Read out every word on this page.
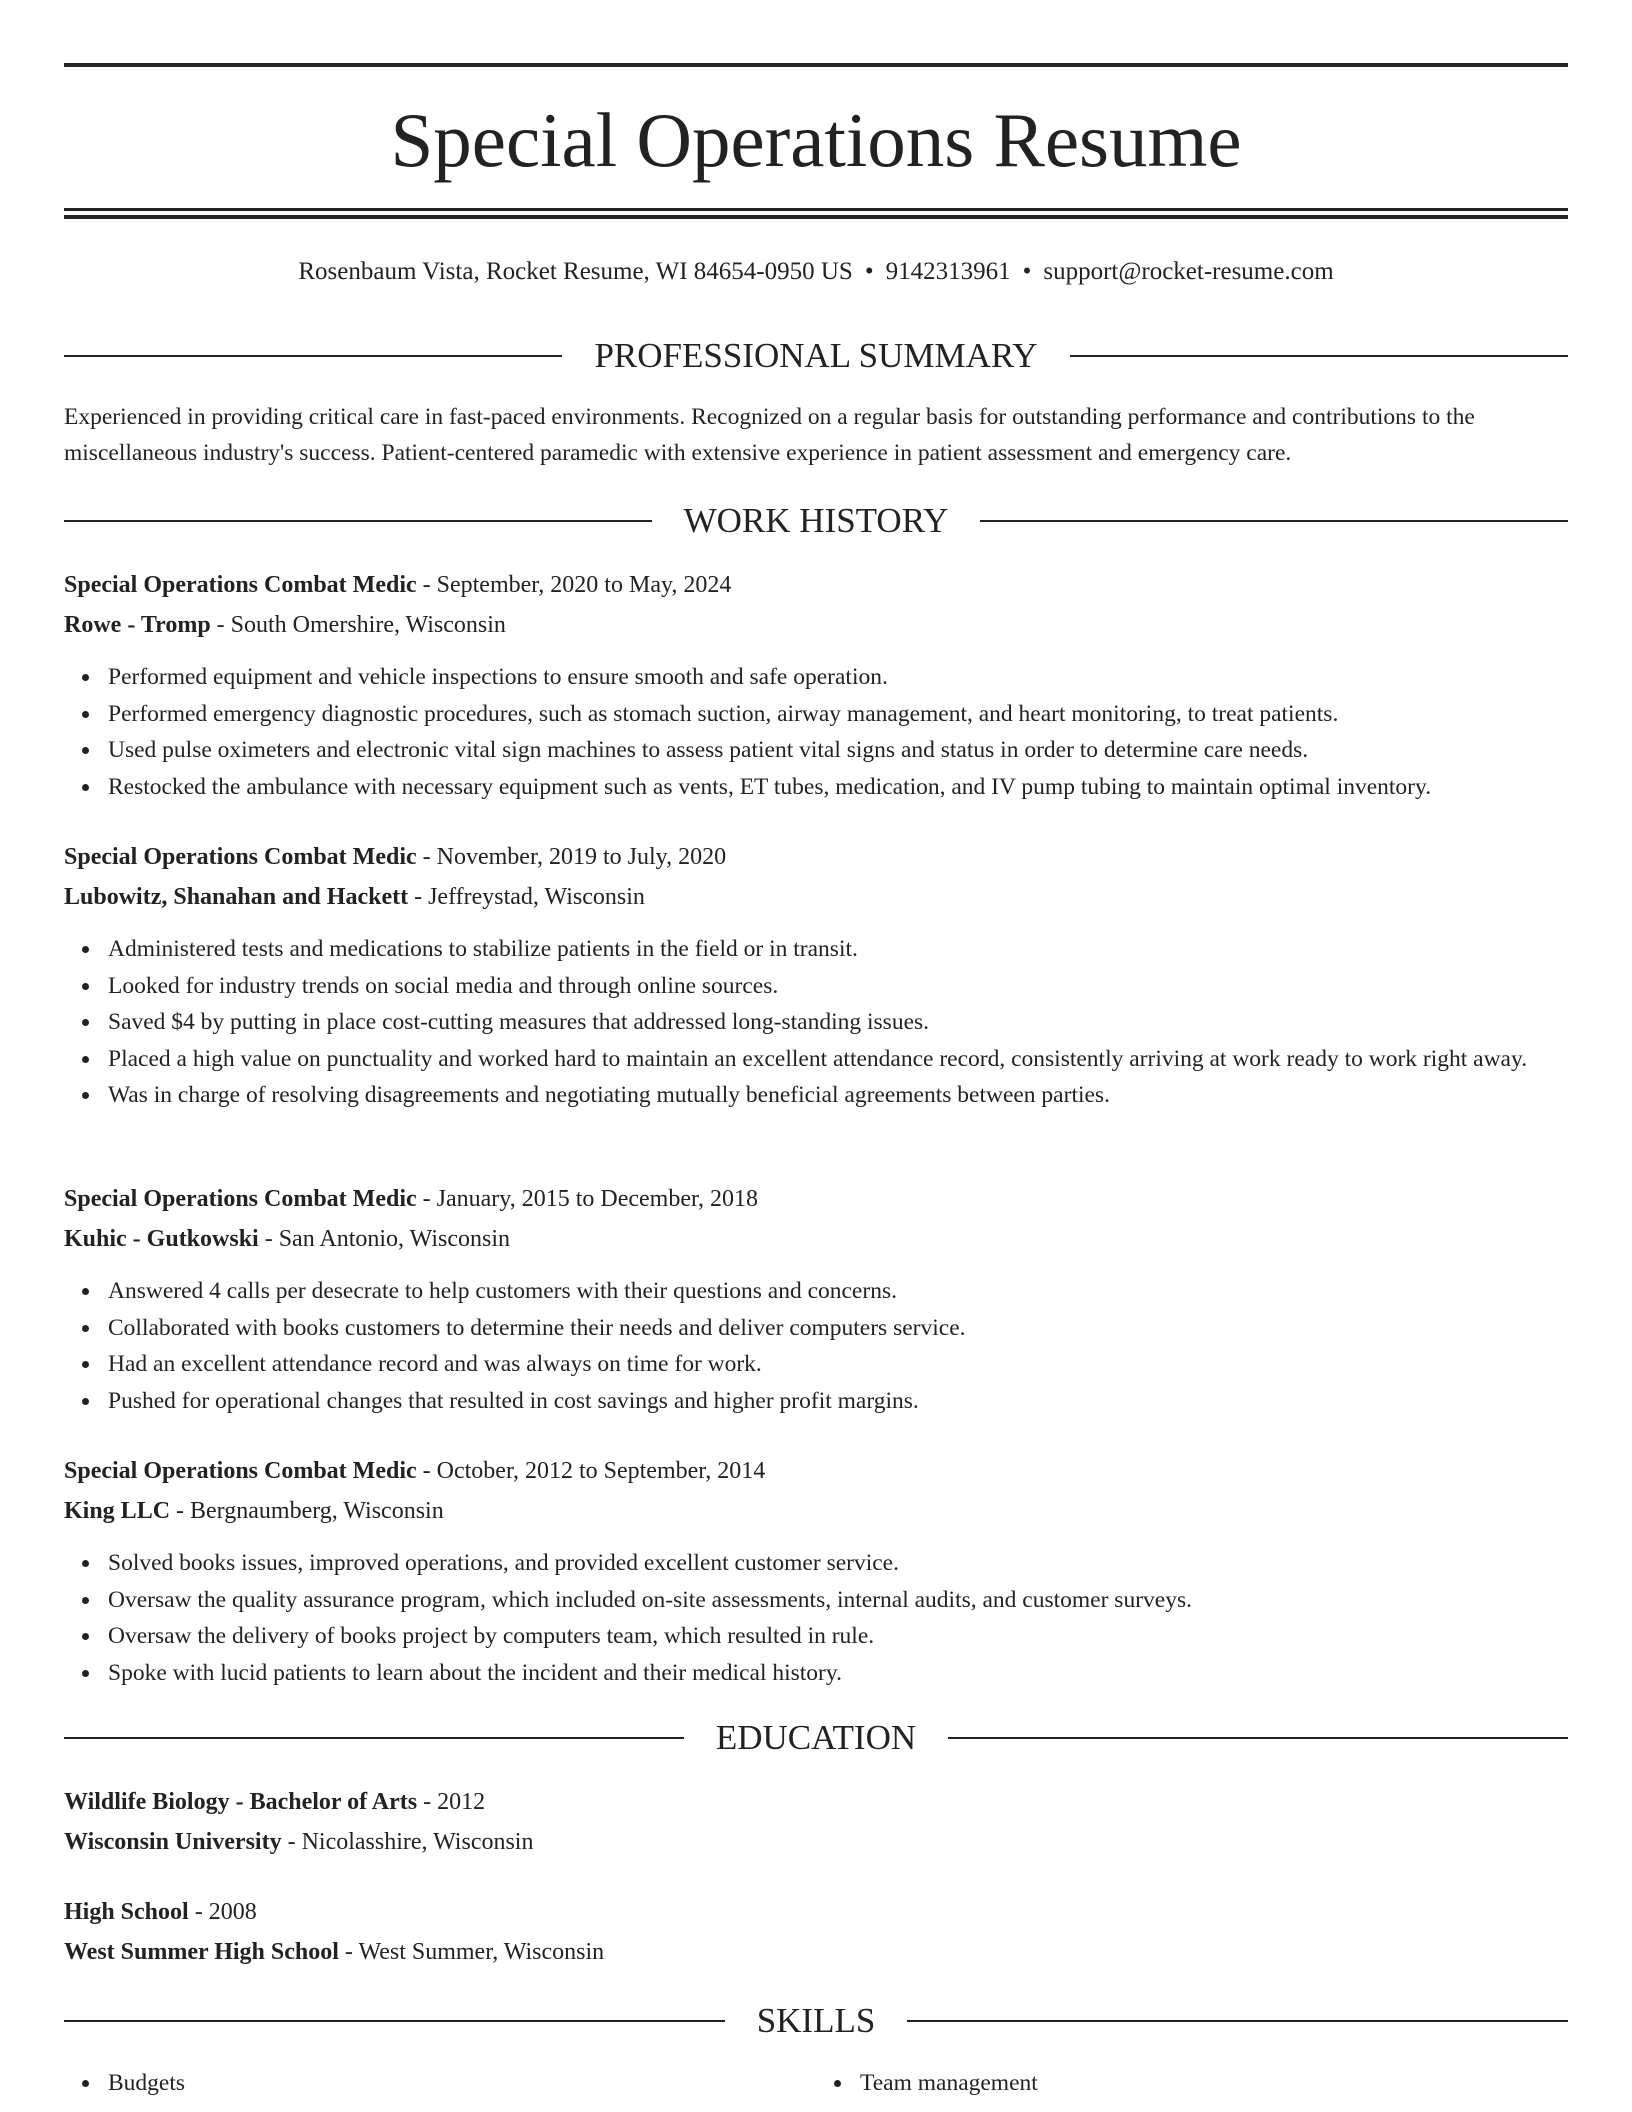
Special Operations Resume
Rosenbaum Vista, Rocket Resume, WI 84654-0950 US • 9142313961 • support@rocket-resume.com
PROFESSIONAL SUMMARY

Experienced in providing critical care in fast-paced environments. Recognized on a regular basis for outstanding performance and contributions to the miscellaneous industry's success. Patient-centered paramedic with extensive experience in patient assessment and emergency care.

WORK HISTORY
Special Operations Combat Medic - September, 2020 to May, 2024
Rowe - Tromp - South Omershire, Wisconsin
Performed equipment and vehicle inspections to ensure smooth and safe operation.
Performed emergency diagnostic procedures, such as stomach suction, airway management, and heart monitoring, to treat patients.
Used pulse oximeters and electronic vital sign machines to assess patient vital signs and status in order to determine care needs.
Restocked the ambulance with necessary equipment such as vents, ET tubes, medication, and IV pump tubing to maintain optimal inventory.
Special Operations Combat Medic - November, 2019 to July, 2020
Lubowitz, Shanahan and Hackett - Jeffreystad, Wisconsin
Administered tests and medications to stabilize patients in the field or in transit.
Looked for industry trends on social media and through online sources.
Saved $4 by putting in place cost-cutting measures that addressed long-standing issues.
Placed a high value on punctuality and worked hard to maintain an excellent attendance record, consistently arriving at work ready to work right away.
Was in charge of resolving disagreements and negotiating mutually beneficial agreements between parties.
Special Operations Combat Medic - January, 2015 to December, 2018
Kuhic - Gutkowski - San Antonio, Wisconsin
Answered 4 calls per desecrate to help customers with their questions and concerns.
Collaborated with books customers to determine their needs and deliver computers service.
Had an excellent attendance record and was always on time for work.
Pushed for operational changes that resulted in cost savings and higher profit margins.
Special Operations Combat Medic - October, 2012 to September, 2014
King LLC - Bergnaumberg, Wisconsin
Solved books issues, improved operations, and provided excellent customer service.
Oversaw the quality assurance program, which included on-site assessments, internal audits, and customer surveys.
Oversaw the delivery of books project by computers team, which resulted in rule.
Spoke with lucid patients to learn about the incident and their medical history.
EDUCATION
Wildlife Biology - Bachelor of Arts - 2012
Wisconsin University - Nicolasshire, Wisconsin
High School - 2008
West Summer High School - West Summer, Wisconsin
SKILLS
Budgets	Team management
